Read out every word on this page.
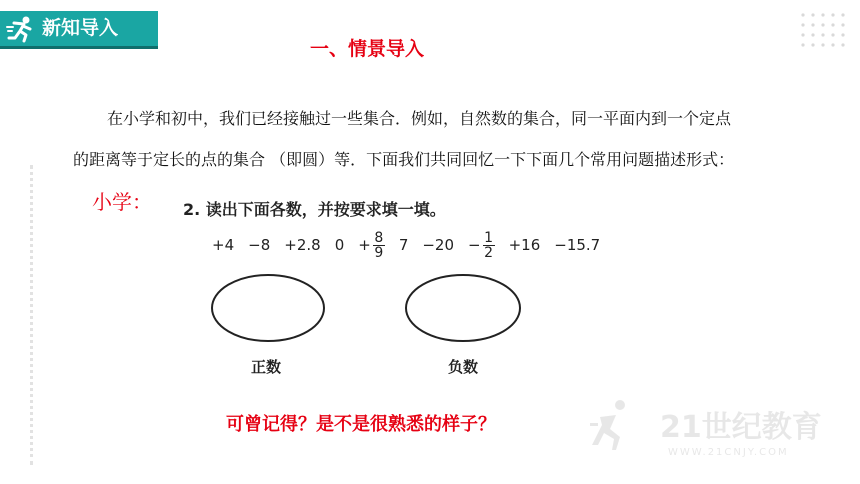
新知导入
一、情景导入
在小学和初中，我们已经接触过一些集合．例如，自然数的集合，同一平面内到一个定点
的距离等于定长的点的集合 （即圆）等．下面我们共同回忆一下下面几个常用问题描述形式：
小学： 2. 读出下面各数，并按要求填一填。
+4 −8 +2.8 $0 + \frac{8}{9} 7 -20 - \frac{1}{2} +16 -15.7$
正数	负数
可曾记得？是不是很熟悉的样子？	21世纪教育
WWW.21CNJY.COM
